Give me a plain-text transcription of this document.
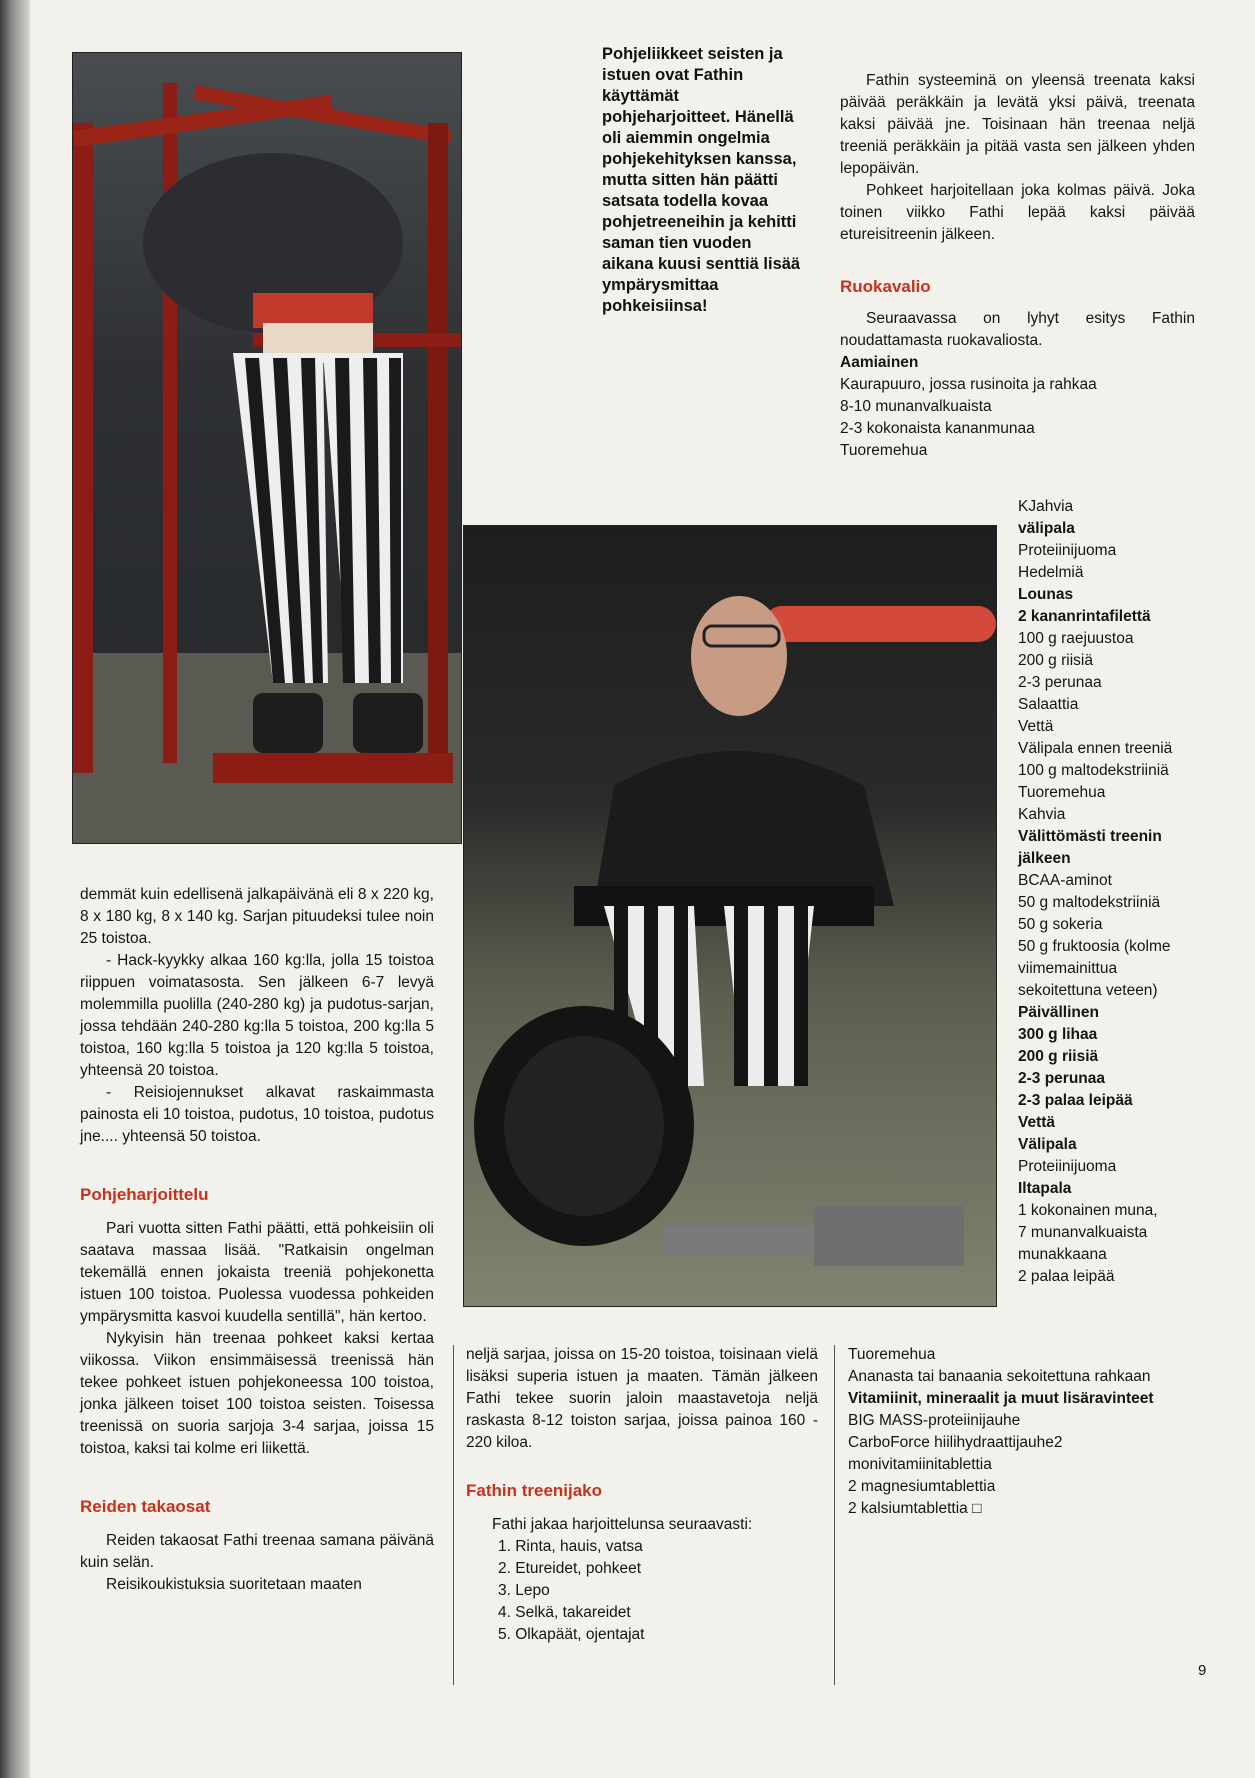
Pohjeliikkeet seisten ja istuen ovat Fathin käyttämät pohjeharjoitteet. Hänellä oli aiemmin ongelmia pohjekehityksen kanssa, mutta sitten hän päätti satsata todella kovaa pohjetreeneihin ja kehitti saman tien vuoden aikana kuusi senttiä lisää ympärysmittaa pohkeisiinsa!

Fathin systeeminä on yleensä treenata kaksi päivää peräkkäin ja levätä yksi päivä, treenata kaksi päivää jne. Toisinaan hän treenaa neljä treeniä peräkkäin ja pitää vasta sen jälkeen yhden lepopäivän.

Pohkeet harjoitellaan joka kolmas päivä. Joka toinen viikko Fathi lepää kaksi päivää etureisitreenin jälkeen.

Ruokavalio

Seuraavassa on lyhyt esitys Fathin noudattamasta ruokavaliosta.

Aamiainen

Kaurapuuro, jossa rusinoita ja rahkaa

8-10 munanvalkuaista

2-3 kokonaista kananmunaa

Tuoremehua

KJahvia
välipala
Proteiinijuoma
Hedelmiä
Lounas
2 kananrintafilettä
100 g raejuustoa
200 g riisiä
2-3 perunaa
Salaattia
Vettä
Välipala ennen treeniä
100 g maltodekstriiniä
Tuoremehua
Kahvia
Välittömästi treenin jälkeen
BCAA-aminot
50 g maltodekstriiniä
50 g sokeria
50 g fruktoosia (kolme viimemainittua sekoitettuna veteen)
Päivällinen
300 g lihaa
200 g riisiä
2-3 perunaa
2-3 palaa leipää
Vettä
Välipala
Proteiinijuoma
Iltapala
1 kokonainen muna,
7 munanvalkuaista
munakkaana
2 palaa leipää
Tuoremehua
Ananasta tai banaania sekoitettuna rahkaan
Vitamiinit, mineraalit ja muut lisäravinteet
BIG MASS-proteiinijauhe
CarboForce hiilihydraattijauhe2
monivitamiinitablettia
2 magnesiumtablettia
2 kalsiumtablettia □

demmät kuin edellisenä jalkapäivänä eli 8 x 220 kg, 8 x 180 kg, 8 x 140 kg. Sarjan pituudeksi tulee noin 25 toistoa.

- Hack-kyykky alkaa 160 kg:lla, jolla 15 toistoa riippuen voimatasosta. Sen jälkeen 6-7 levyä molemmilla puolilla (240-280 kg) ja pudotus-sarjan, jossa tehdään 240-280 kg:lla 5 toistoa, 200 kg:lla 5 toistoa, 160 kg:lla 5 toistoa ja 120 kg:lla 5 toistoa, yhteensä 20 toistoa.

- Reisiojennukset alkavat raskaimmasta painosta eli 10 toistoa, pudotus, 10 toistoa, pudotus jne.... yhteensä 50 toistoa.

Pohjeharjoittelu

Pari vuotta sitten Fathi päätti, että pohkeisiin oli saatava massaa lisää. "Ratkaisin ongelman tekemällä ennen jokaista treeniä pohjekonetta istuen 100 toistoa. Puolessa vuodessa pohkeiden ympärysmitta kasvoi kuudella sentillä", hän kertoo.

Nykyisin hän treenaa pohkeet kaksi kertaa viikossa. Viikon ensimmäisessä treenissä hän tekee pohkeet istuen pohjekoneessa 100 toistoa, jonka jälkeen toiset 100 toistoa seisten. Toisessa treenissä on suoria sarjoja 3-4 sarjaa, joissa 15 toistoa, kaksi tai kolme eri liikettä.

Reiden takaosat

Reiden takaosat Fathi treenaa samana päivänä kuin selän.

Reisikoukistuksia suoritetaan maaten

neljä sarjaa, joissa on 15-20 toistoa, toisinaan vielä lisäksi superia istuen ja maaten. Tämän jälkeen Fathi tekee suorin jaloin maastavetoja neljä raskasta 8-12 toiston sarjaa, joissa painoa 160 - 220 kiloa.

Fathin treenijako

Fathi jakaa harjoittelunsa seuraavasti:

1. Rinta, hauis, vatsa

2. Etureidet, pohkeet

3. Lepo

4. Selkä, takareidet

5. Olkapäät, ojentajat

9
